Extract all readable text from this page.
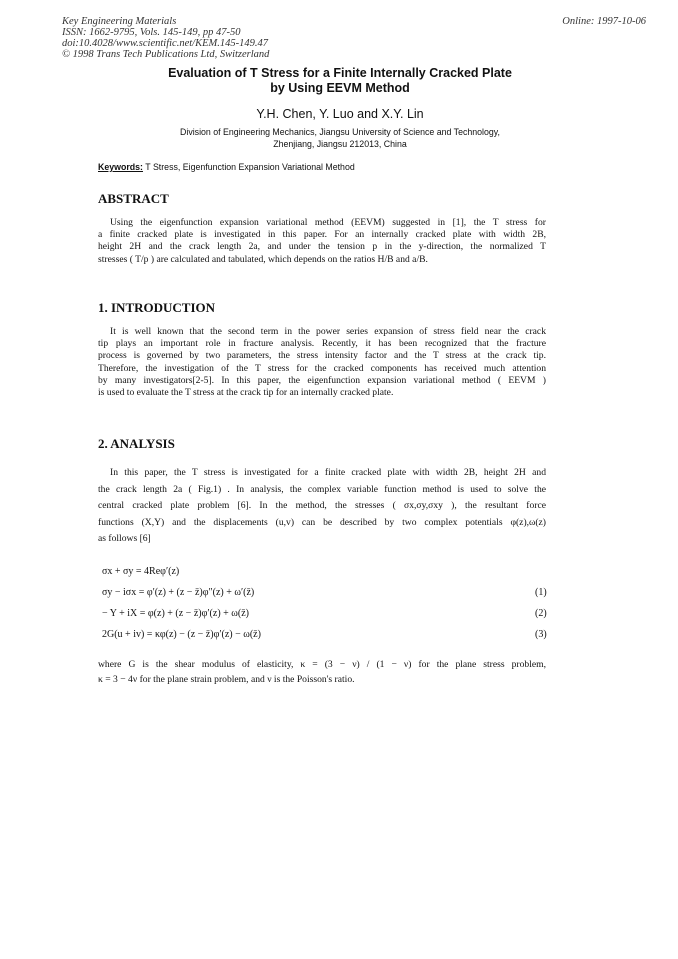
Key Engineering Materials
ISSN: 1662-9795, Vols. 145-149, pp 47-50
doi:10.4028/www.scientific.net/KEM.145-149.47
© 1998 Trans Tech Publications Ltd, Switzerland
Online: 1997-10-06
Evaluation of T Stress for a Finite Internally Cracked Plate
by Using EEVM Method
Y.H. Chen, Y. Luo and X.Y. Lin
Division of Engineering Mechanics, Jiangsu University of Science and Technology,
Zhenjiang, Jiangsu 212013, China
Keywords: T Stress, Eigenfunction Expansion Variational Method
ABSTRACT
Using the eigenfunction expansion variational method (EEVM) suggested in [1], the T stress for
a finite cracked plate is investigated in this paper. For an internally cracked plate with width 2B,
height 2H and the crack length 2a, and under the tension p in the y-direction, the normalized T
stresses ( T/p ) are calculated and tabulated, which depends on the ratios H/B and a/B.
1. INTRODUCTION
It is well known that the second term in the power series expansion of stress field near the crack
tip plays an important role in fracture analysis. Recently, it has been recognized that the fracture
process is governed by two parameters, the stress intensity factor and the T stress at the crack tip.
Therefore, the investigation of the T stress for the cracked components has received much attention
by many investigators[2-5]. In this paper, the eigenfunction expansion variational method ( EEVM )
is used to evaluate the T stress at the crack tip for an internally cracked plate.
2. ANALYSIS
In this paper, the T stress is investigated for a finite cracked plate with width 2B, height 2H and
the crack length 2a ( Fig.1) . In analysis, the complex variable function method is used to solve the
central cracked plate problem [6]. In the method, the stresses ( σx,σy,σxy ), the resultant force
functions (X,Y) and the displacements (u,v) can be described by two complex potentials φ(z),ω(z)
as follows [6]
σx + σy = 4Reφ′(z)
σy − iσx = φ′(z) + (z − z̄)φ″(z) + ω′(z̄)	(1)
− Y + iX = φ(z) + (z − z̄)φ′(z) + ω(z̄)	(2)
2G(u + iv) = κφ(z) − (z − z̄)φ′(z) − ω(z̄)	(3)
where G is the shear modulus of elasticity, κ = (3 − ν) / (1 − ν) for the plane stress problem,
κ = 3 − 4ν for the plane strain problem, and ν is the Poisson's ratio.
